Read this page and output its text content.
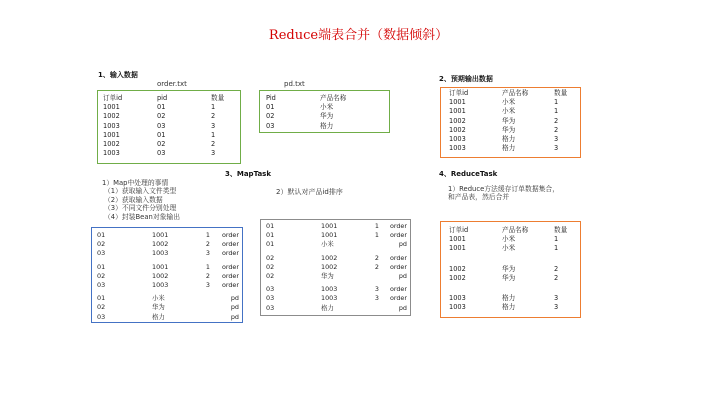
Reduce端表合并（数据倾斜）
1、输入数据	2、预期输出数据
3、MapTask	4、ReduceTask
order.txt
订单id	pid	数量
1001	01	1
1002	02	2
1003	03	3
1001	01	1
1002	02	2
1003	03	3
pd.txt
Pid	产品名称
01	小米
02	华为
03	格力
订单id	产品名称	数量
1001	小米	1
1001	小米	1
1002	华为	2
1002	华为	2
1003	格力	3
1003	格力	3
1）Map中处理的事情
（1）获取输入文件类型
（2）获取输入数据
（3）不同文件分别处理
（4）封装Bean对象输出
01	1001	1	order
02	1002	2	order
03	1003	3	order

01	1001	1	order
02	1002	2	order
03	1003	3	order

01	小米		pd
02	华为		pd
03	格力		pd
2）默认对产品id排序
01	1001	1	order
01	1001	1	order
01	小米		pd

02	1002	2	order
02	1002	2	order
02	华为		pd

03	1003	3	order
03	1003	3	order
03	格力		pd
1）Reduce方法缓存订单数据集合，
和产品表，然后合并
订单id	产品名称	数量
1001	小米	1
1001	小米	1

1002	华为	2
1002	华为	2

1003	格力	3
1003	格力	3
